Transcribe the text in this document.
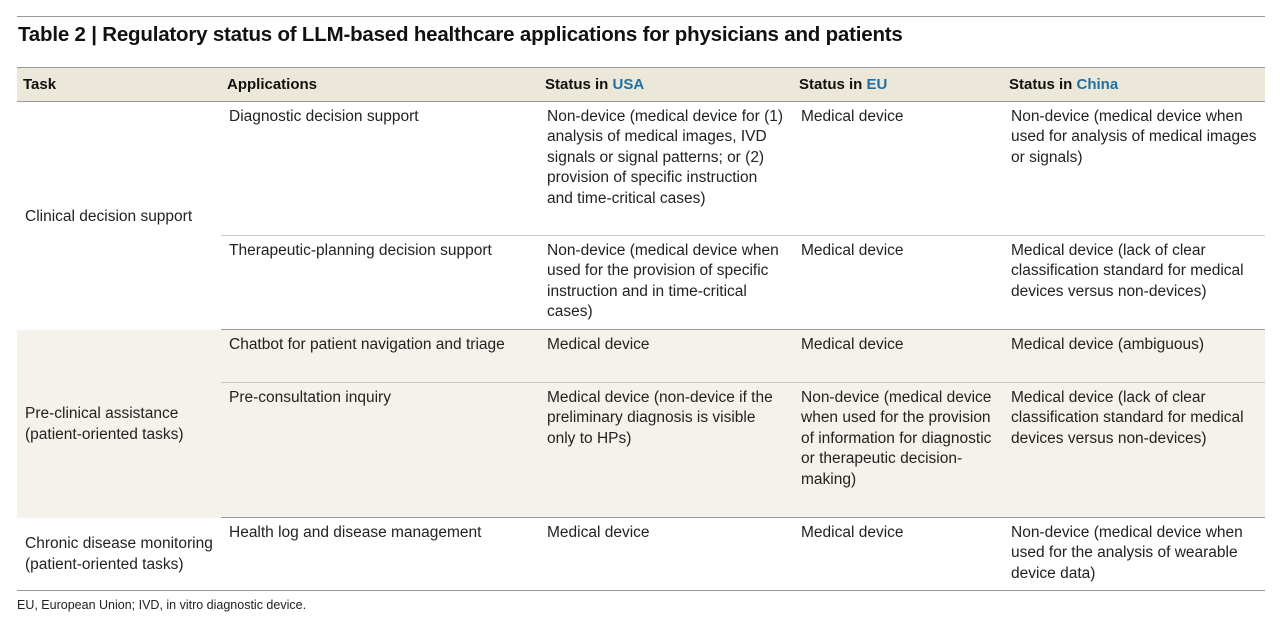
Table 2 | Regulatory status of LLM-based healthcare applications for physicians and patients
Task	Applications	Status in USA	Status in EU	Status in China
Clinical decision support	Diagnostic decision support	Non-device (medical device for (1) analysis of medical images, IVD signals or signal patterns; or (2) provision of specific instruction and time-critical cases)	Medical device	Non-device (medical device when used for analysis of medical images or signals)
	Therapeutic-planning decision support	Non-device (medical device when used for the provision of specific instruction and in time-critical cases)	Medical device	Medical device (lack of clear classification standard for medical devices versus non-devices)
Pre-clinical assistance (patient-oriented tasks)	Chatbot for patient navigation and triage	Medical device	Medical device	Medical device (ambiguous)
	Pre-consultation inquiry	Medical device (non-device if the preliminary diagnosis is visible only to HPs)	Non-device (medical device when used for the provision of information for diagnostic or therapeutic decision-making)	Medical device (lack of clear classification standard for medical devices versus non-devices)
Chronic disease monitoring (patient-oriented tasks)	Health log and disease management	Medical device	Medical device	Non-device (medical device when used for the analysis of wearable device data)

EU, European Union; IVD, in vitro diagnostic device.
